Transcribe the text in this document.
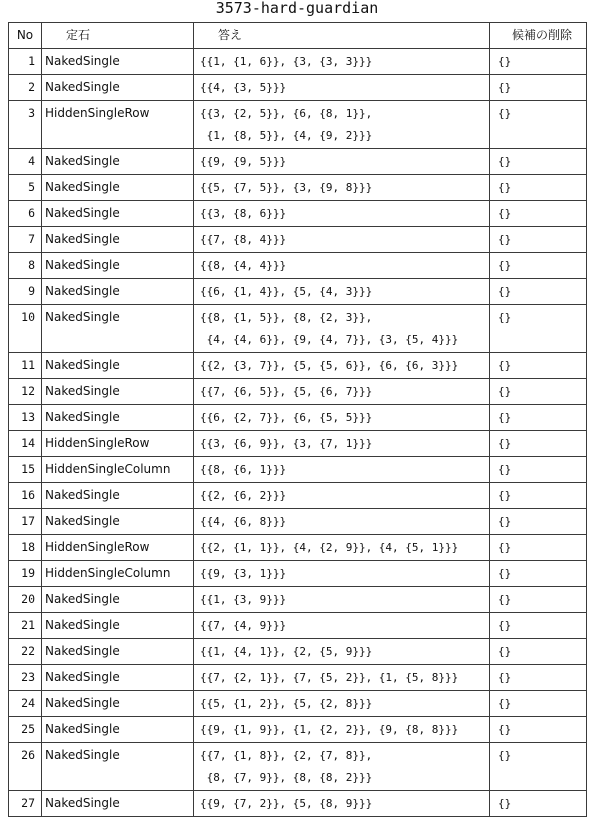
3573-hard-guardian
No	定石	答え	候補の削除
1	NakedSingle	{{1, {1, 6}}, {3, {3, 3}}}	{}
2	NakedSingle	{{4, {3, 5}}}	{}
3	HiddenSingleRow	{{3, {2, 5}}, {6, {8, 1}},
{1, {8, 5}}, {4, {9, 2}}}	{}
4	NakedSingle	{{9, {9, 5}}}	{}
5	NakedSingle	{{5, {7, 5}}, {3, {9, 8}}}	{}
6	NakedSingle	{{3, {8, 6}}}	{}
7	NakedSingle	{{7, {8, 4}}}	{}
8	NakedSingle	{{8, {4, 4}}}	{}
9	NakedSingle	{{6, {1, 4}}, {5, {4, 3}}}	{}
10	NakedSingle	{{8, {1, 5}}, {8, {2, 3}},
{4, {4, 6}}, {9, {4, 7}}, {3, {5, 4}}}	{}
11	NakedSingle	{{2, {3, 7}}, {5, {5, 6}}, {6, {6, 3}}}	{}
12	NakedSingle	{{7, {6, 5}}, {5, {6, 7}}}	{}
13	NakedSingle	{{6, {2, 7}}, {6, {5, 5}}}	{}
14	HiddenSingleRow	{{3, {6, 9}}, {3, {7, 1}}}	{}
15	HiddenSingleColumn	{{8, {6, 1}}}	{}
16	NakedSingle	{{2, {6, 2}}}	{}
17	NakedSingle	{{4, {6, 8}}}	{}
18	HiddenSingleRow	{{2, {1, 1}}, {4, {2, 9}}, {4, {5, 1}}}	{}
19	HiddenSingleColumn	{{9, {3, 1}}}	{}
20	NakedSingle	{{1, {3, 9}}}	{}
21	NakedSingle	{{7, {4, 9}}}	{}
22	NakedSingle	{{1, {4, 1}}, {2, {5, 9}}}	{}
23	NakedSingle	{{7, {2, 1}}, {7, {5, 2}}, {1, {5, 8}}}	{}
24	NakedSingle	{{5, {1, 2}}, {5, {2, 8}}}	{}
25	NakedSingle	{{9, {1, 9}}, {1, {2, 2}}, {9, {8, 8}}}	{}
26	NakedSingle	{{7, {1, 8}}, {2, {7, 8}},
{8, {7, 9}}, {8, {8, 2}}}	{}
27	NakedSingle	{{9, {7, 2}}, {5, {8, 9}}}	{}
